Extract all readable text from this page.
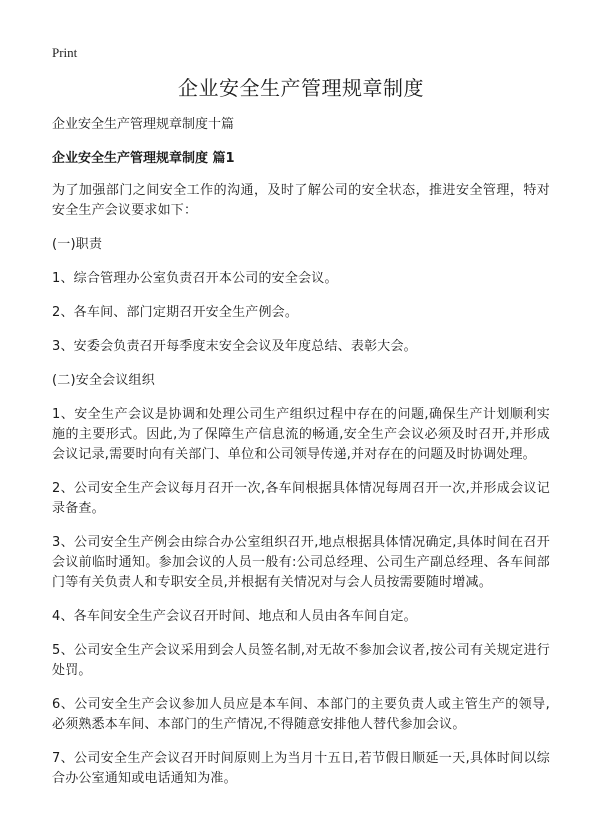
Print
企业安全生产管理规章制度
企业安全生产管理规章制度十篇
企业安全生产管理规章制度 篇1

为了加强部门之间安全工作的沟通，及时了解公司的安全状态，推进安全管理，特对安全生产会议要求如下：

(一)职责

1、综合管理办公室负责召开本公司的安全会议。

2、各车间、部门定期召开安全生产例会。

3、安委会负责召开每季度末安全会议及年度总结、表彰大会。

(二)安全会议组织

1、安全生产会议是协调和处理公司生产组织过程中存在的问题,确保生产计划顺利实施的主要形式。因此,为了保障生产信息流的畅通,安全生产会议必须及时召开,并形成会议记录,需要时向有关部门、单位和公司领导传递,并对存在的问题及时协调处理。

2、公司安全生产会议每月召开一次,各车间根据具体情况每周召开一次,并形成会议记录备查。

3、公司安全生产例会由综合办公室组织召开,地点根据具体情况确定,具体时间在召开会议前临时通知。参加会议的人员一般有:公司总经理、公司生产副总经理、各车间部门等有关负责人和专职安全员,并根据有关情况对与会人员按需要随时增减。

4、各车间安全生产会议召开时间、地点和人员由各车间自定。

5、公司安全生产会议采用到会人员签名制,对无故不参加会议者,按公司有关规定进行处罚。

6、公司安全生产会议参加人员应是本车间、本部门的主要负责人或主管生产的领导,必须熟悉本车间、本部门的生产情况,不得随意安排他人替代参加会议。

7、公司安全生产会议召开时间原则上为当月十五日,若节假日顺延一天,具体时间以综合办公室通知或电话通知为准。
